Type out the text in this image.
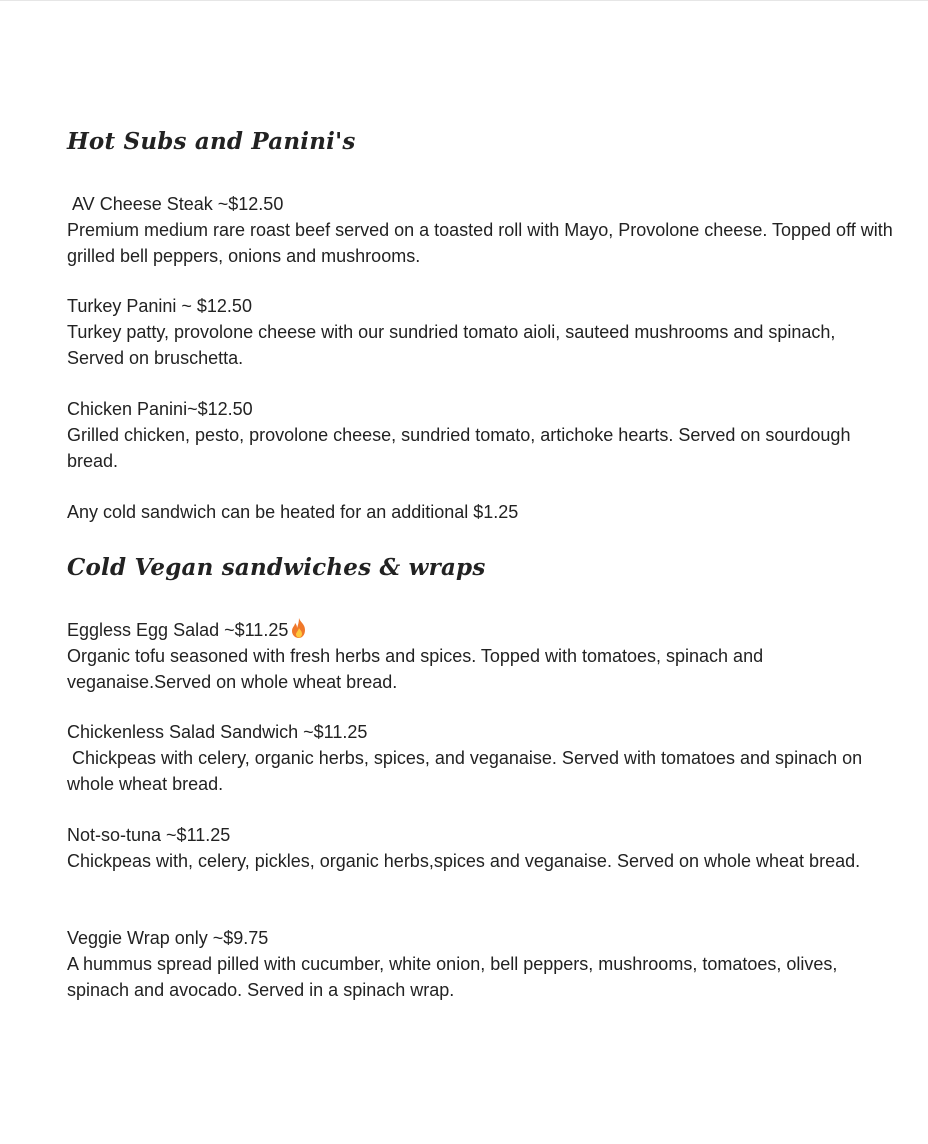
Hot Subs and Panini's
AV Cheese Steak ~$12.50
Premium medium rare roast beef served on a toasted roll with Mayo, Provolone cheese. Topped off with grilled bell peppers, onions and mushrooms.
Turkey Panini ~ $12.50
Turkey patty, provolone cheese with our sundried tomato aioli, sauteed mushrooms and spinach, Served on bruschetta.
Chicken Panini~$12.50
Grilled chicken, pesto, provolone cheese, sundried tomato, artichoke hearts. Served on sourdough bread.
Any cold sandwich can be heated for an additional $1.25
Cold Vegan sandwiches & wraps
Eggless Egg Salad ~$11.25
Organic tofu seasoned with fresh herbs and spices. Topped with tomatoes, spinach and veganaise.Served on whole wheat bread.
Chickenless Salad Sandwich ~$11.25
Chickpeas with celery, organic herbs, spices, and veganaise. Served with tomatoes and spinach on whole wheat bread.
Not-so-tuna ~$11.25
Chickpeas with, celery, pickles, organic herbs,spices and veganaise. Served on whole wheat bread.
Veggie Wrap only ~$9.75
A hummus spread pilled with cucumber, white onion, bell peppers, mushrooms, tomatoes, olives, spinach and avocado. Served in a spinach wrap.
